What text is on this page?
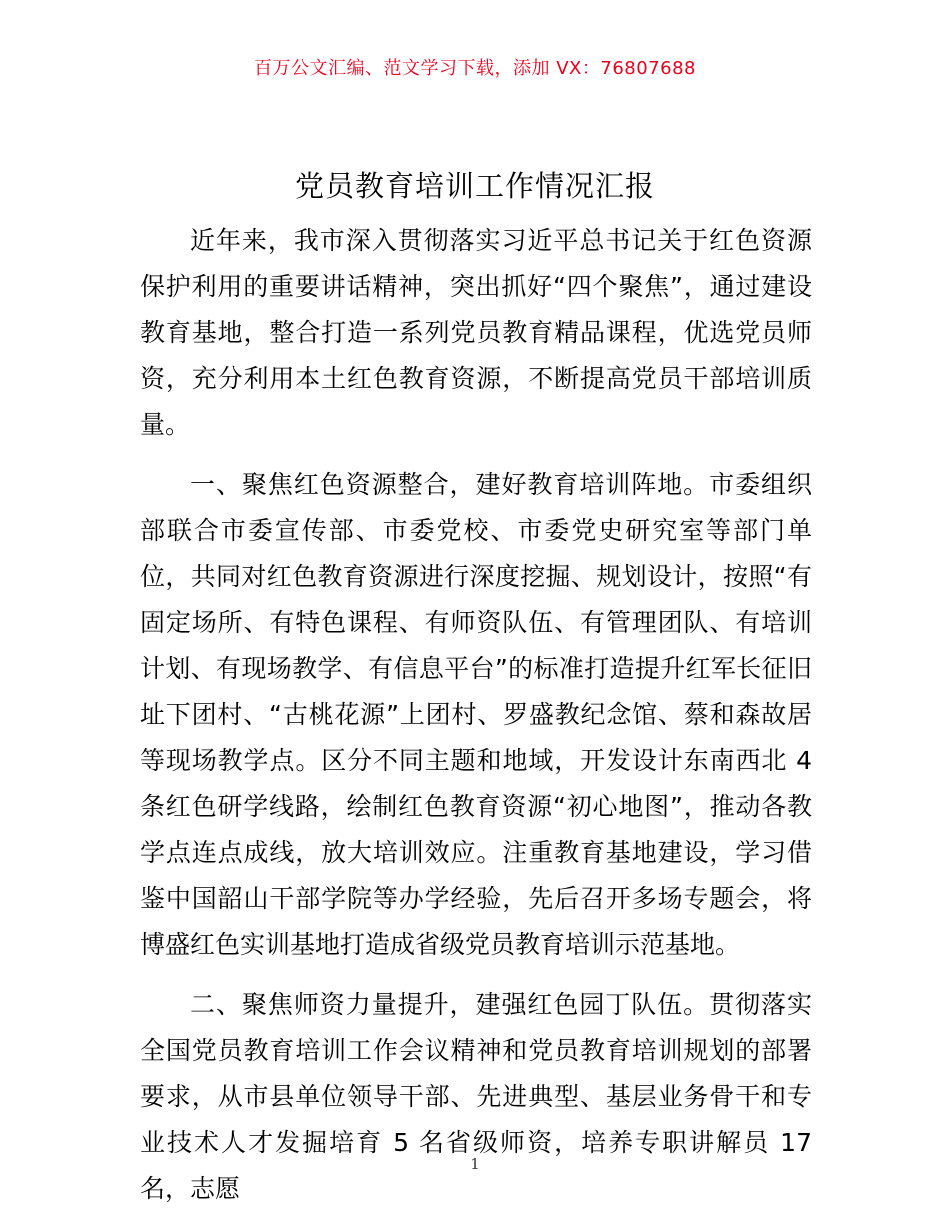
百万公文汇编、范文学习下载，添加 VX：76807688
党员教育培训工作情况汇报

近年来，我市深入贯彻落实习近平总书记关于红色资源保护利用的重要讲话精神，突出抓好“四个聚焦”，通过建设教育基地，整合打造一系列党员教育精品课程，优选党员师资，充分利用本土红色教育资源，不断提高党员干部培训质量。

一、聚焦红色资源整合，建好教育培训阵地。市委组织部联合市委宣传部、市委党校、市委党史研究室等部门单位，共同对红色教育资源进行深度挖掘、规划设计，按照“有固定场所、有特色课程、有师资队伍、有管理团队、有培训计划、有现场教学、有信息平台”的标准打造提升红军长征旧址下团村、“古桃花源”上团村、罗盛教纪念馆、蔡和森故居等现场教学点。区分不同主题和地域，开发设计东南西北 4 条红色研学线路，绘制红色教育资源“初心地图”，推动各教学点连点成线，放大培训效应。注重教育基地建设，学习借鉴中国韶山干部学院等办学经验，先后召开多场专题会，将博盛红色实训基地打造成省级党员教育培训示范基地。

二、聚焦师资力量提升，建强红色园丁队伍。贯彻落实全国党员教育培训工作会议精神和党员教育培训规划的部署要求，从市县单位领导干部、先进典型、基层业务骨干和专业技术人才发掘培育 5 名省级师资，培养专职讲解员 17 名，志愿

1
